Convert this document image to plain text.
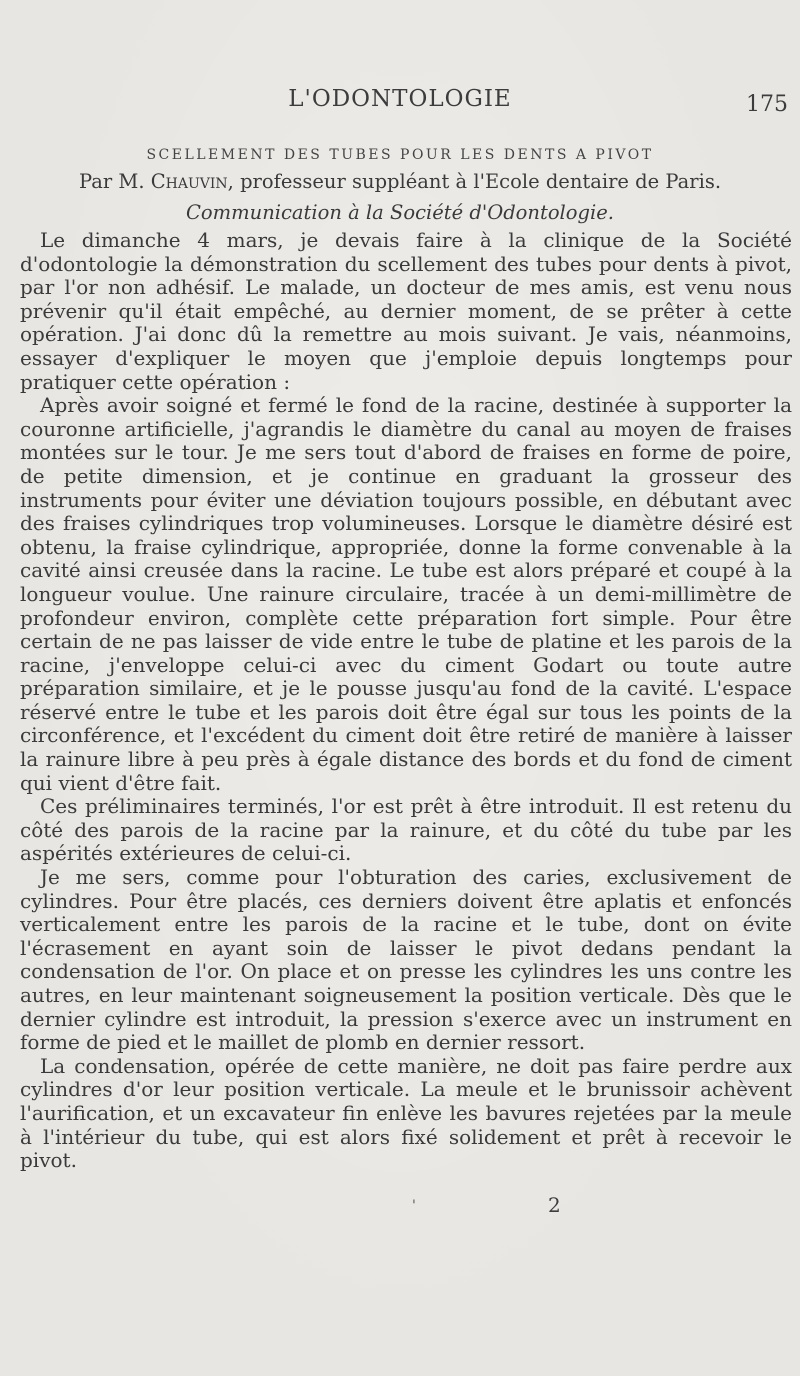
L'ODONTOLOGIE	175
SCELLEMENT DES TUBES POUR LES DENTS A PIVOT
Par M. Chauvin, professeur suppléant à l'Ecole dentaire de Paris.
Communication à la Société d'Odontologie.

Le dimanche 4 mars, je devais faire à la clinique de la Société d'odontologie la démonstration du scellement des tubes pour dents à pivot, par l'or non adhésif. Le malade, un docteur de mes amis, est venu nous prévenir qu'il était empêché, au dernier moment, de se prêter à cette opération. J'ai donc dû la remettre au mois suivant. Je vais, néanmoins, essayer d'expliquer le moyen que j'emploie depuis longtemps pour pratiquer cette opération :

Après avoir soigné et fermé le fond de la racine, destinée à supporter la couronne artificielle, j'agrandis le diamètre du canal au moyen de fraises montées sur le tour. Je me sers tout d'abord de fraises en forme de poire, de petite dimension, et je continue en graduant la grosseur des instruments pour éviter une déviation toujours possible, en débutant avec des fraises cylindriques trop volumineuses. Lorsque le diamètre désiré est obtenu, la fraise cylindrique, appropriée, donne la forme convenable à la cavité ainsi creusée dans la racine. Le tube est alors préparé et coupé à la longueur voulue. Une rainure circulaire, tracée à un demi-millimètre de profondeur environ, complète cette préparation fort simple. Pour être certain de ne pas laisser de vide entre le tube de platine et les parois de la racine, j'enveloppe celui-ci avec du ciment Godart ou toute autre préparation similaire, et je le pousse jusqu'au fond de la cavité. L'espace réservé entre le tube et les parois doit être égal sur tous les points de la circonférence, et l'excédent du ciment doit être retiré de manière à laisser la rainure libre à peu près à égale distance des bords et du fond de ciment qui vient d'être fait.

Ces préliminaires terminés, l'or est prêt à être introduit. Il est retenu du côté des parois de la racine par la rainure, et du côté du tube par les aspérités extérieures de celui-ci.

Je me sers, comme pour l'obturation des caries, exclusivement de cylindres. Pour être placés, ces derniers doivent être aplatis et enfoncés verticalement entre les parois de la racine et le tube, dont on évite l'écrasement en ayant soin de laisser le pivot dedans pendant la condensation de l'or. On place et on presse les cylindres les uns contre les autres, en leur maintenant soigneusement la position verticale. Dès que le dernier cylindre est introduit, la pression s'exerce avec un instrument en forme de pied et le maillet de plomb en dernier ressort.

La condensation, opérée de cette manière, ne doit pas faire perdre aux cylindres d'or leur position verticale. La meule et le brunissoir achèvent l'aurification, et un excavateur fin enlève les bavures rejetées par la meule à l'intérieur du tube, qui est alors fixé solidement et prêt à recevoir le pivot.

'	2
